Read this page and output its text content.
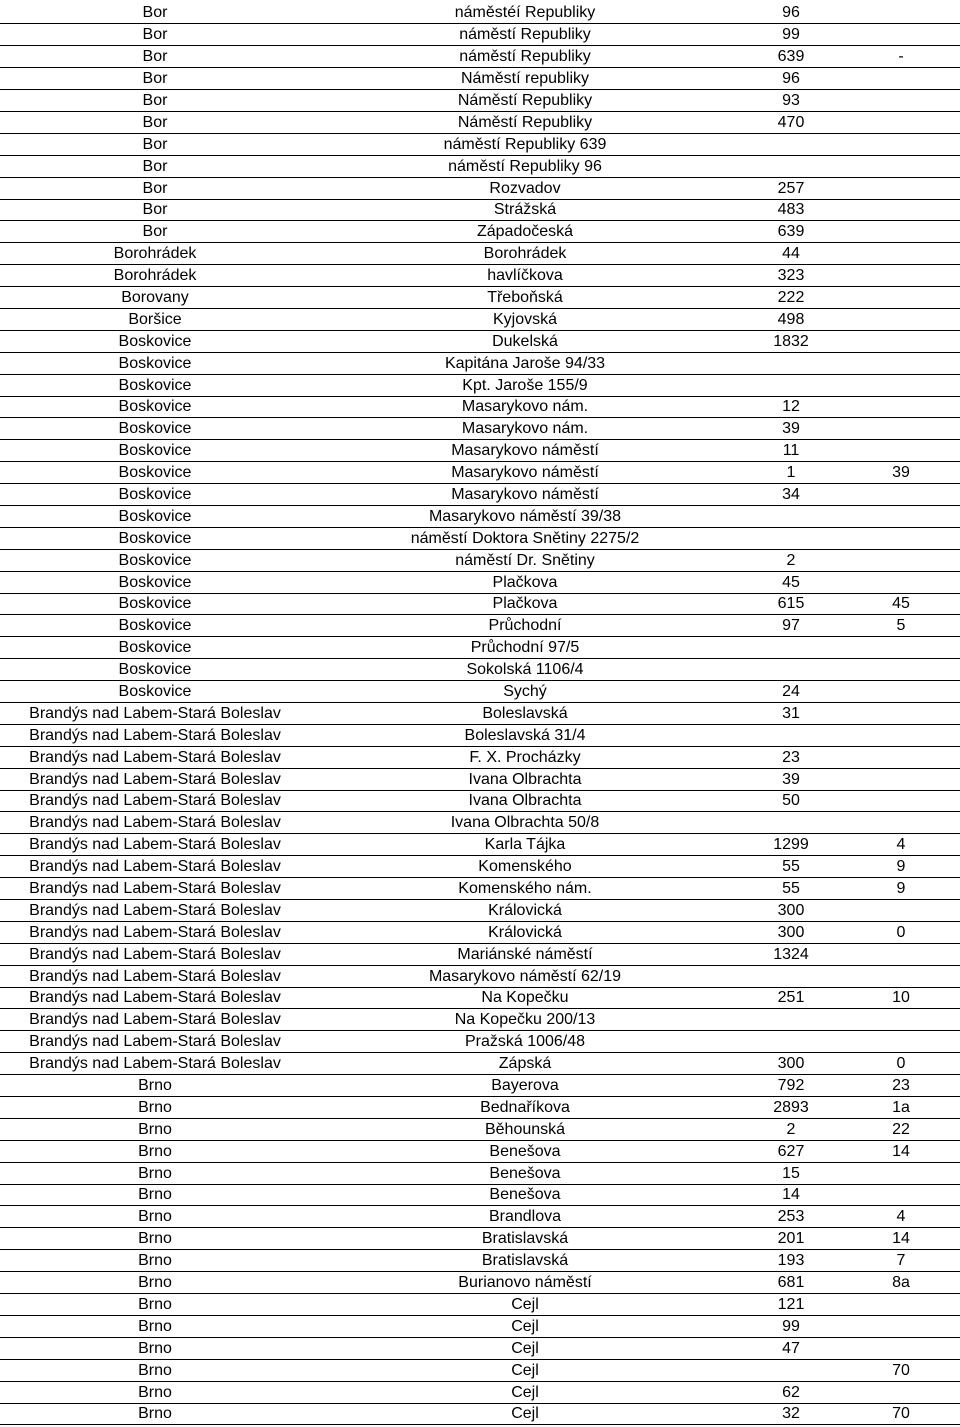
Bor	náměstéí Republiky	96	
Bor	náměstí Republiky	99	
Bor	náměstí Republiky	639	-
Bor	Náměstí republiky	96	
Bor	Náměstí Republiky	93	
Bor	Náměstí Republiky	470	
Bor	náměstí Republiky 639		
Bor	náměstí Republiky 96		
Bor	Rozvadov	257	
Bor	Strážská	483	
Bor	Západočeská	639	
Borohrádek	Borohrádek	44	
Borohrádek	havlíčkova	323	
Borovany	Třeboňská	222	
Boršice	Kyjovská	498	
Boskovice	Dukelská	1832	
Boskovice	Kapitána Jaroše 94/33		
Boskovice	Kpt. Jaroše 155/9		
Boskovice	Masarykovo nám.	12	
Boskovice	Masarykovo nám.	39	
Boskovice	Masarykovo náměstí	11	
Boskovice	Masarykovo náměstí	1	39
Boskovice	Masarykovo náměstí	34	
Boskovice	Masarykovo náměstí 39/38		
Boskovice	náměstí Doktora Snětiny 2275/2		
Boskovice	náměstí Dr. Snětiny	2	
Boskovice	Plačkova	45	
Boskovice	Plačkova	615	45
Boskovice	Průchodní	97	5
Boskovice	Průchodní 97/5		
Boskovice	Sokolská 1106/4		
Boskovice	Sychý	24	
Brandýs nad Labem-Stará Boleslav	Boleslavská	31	
Brandýs nad Labem-Stará Boleslav	Boleslavská 31/4		
Brandýs nad Labem-Stará Boleslav	F. X. Procházky	23	
Brandýs nad Labem-Stará Boleslav	Ivana Olbrachta	39	
Brandýs nad Labem-Stará Boleslav	Ivana Olbrachta	50	
Brandýs nad Labem-Stará Boleslav	Ivana Olbrachta 50/8		
Brandýs nad Labem-Stará Boleslav	Karla Tájka	1299	4
Brandýs nad Labem-Stará Boleslav	Komenského	55	9
Brandýs nad Labem-Stará Boleslav	Komenského nám.	55	9
Brandýs nad Labem-Stará Boleslav	Královická	300	
Brandýs nad Labem-Stará Boleslav	Královická	300	0
Brandýs nad Labem-Stará Boleslav	Mariánské náměstí	1324	
Brandýs nad Labem-Stará Boleslav	Masarykovo náměstí 62/19		
Brandýs nad Labem-Stará Boleslav	Na Kopečku	251	10
Brandýs nad Labem-Stará Boleslav	Na Kopečku 200/13		
Brandýs nad Labem-Stará Boleslav	Pražská 1006/48		
Brandýs nad Labem-Stará Boleslav	Zápská	300	0
Brno	Bayerova	792	23
Brno	Bednaříkova	2893	1a
Brno	Běhounská	2	22
Brno	Benešova	627	14
Brno	Benešova	15	
Brno	Benešova	14	
Brno	Brandlova	253	4
Brno	Bratislavská	201	14
Brno	Bratislavská	193	7
Brno	Burianovo náměstí	681	8a
Brno	Cejl	121	
Brno	Cejl	99	
Brno	Cejl	47	
Brno	Cejl		70
Brno	Cejl	62	
Brno	Cejl	32	70
